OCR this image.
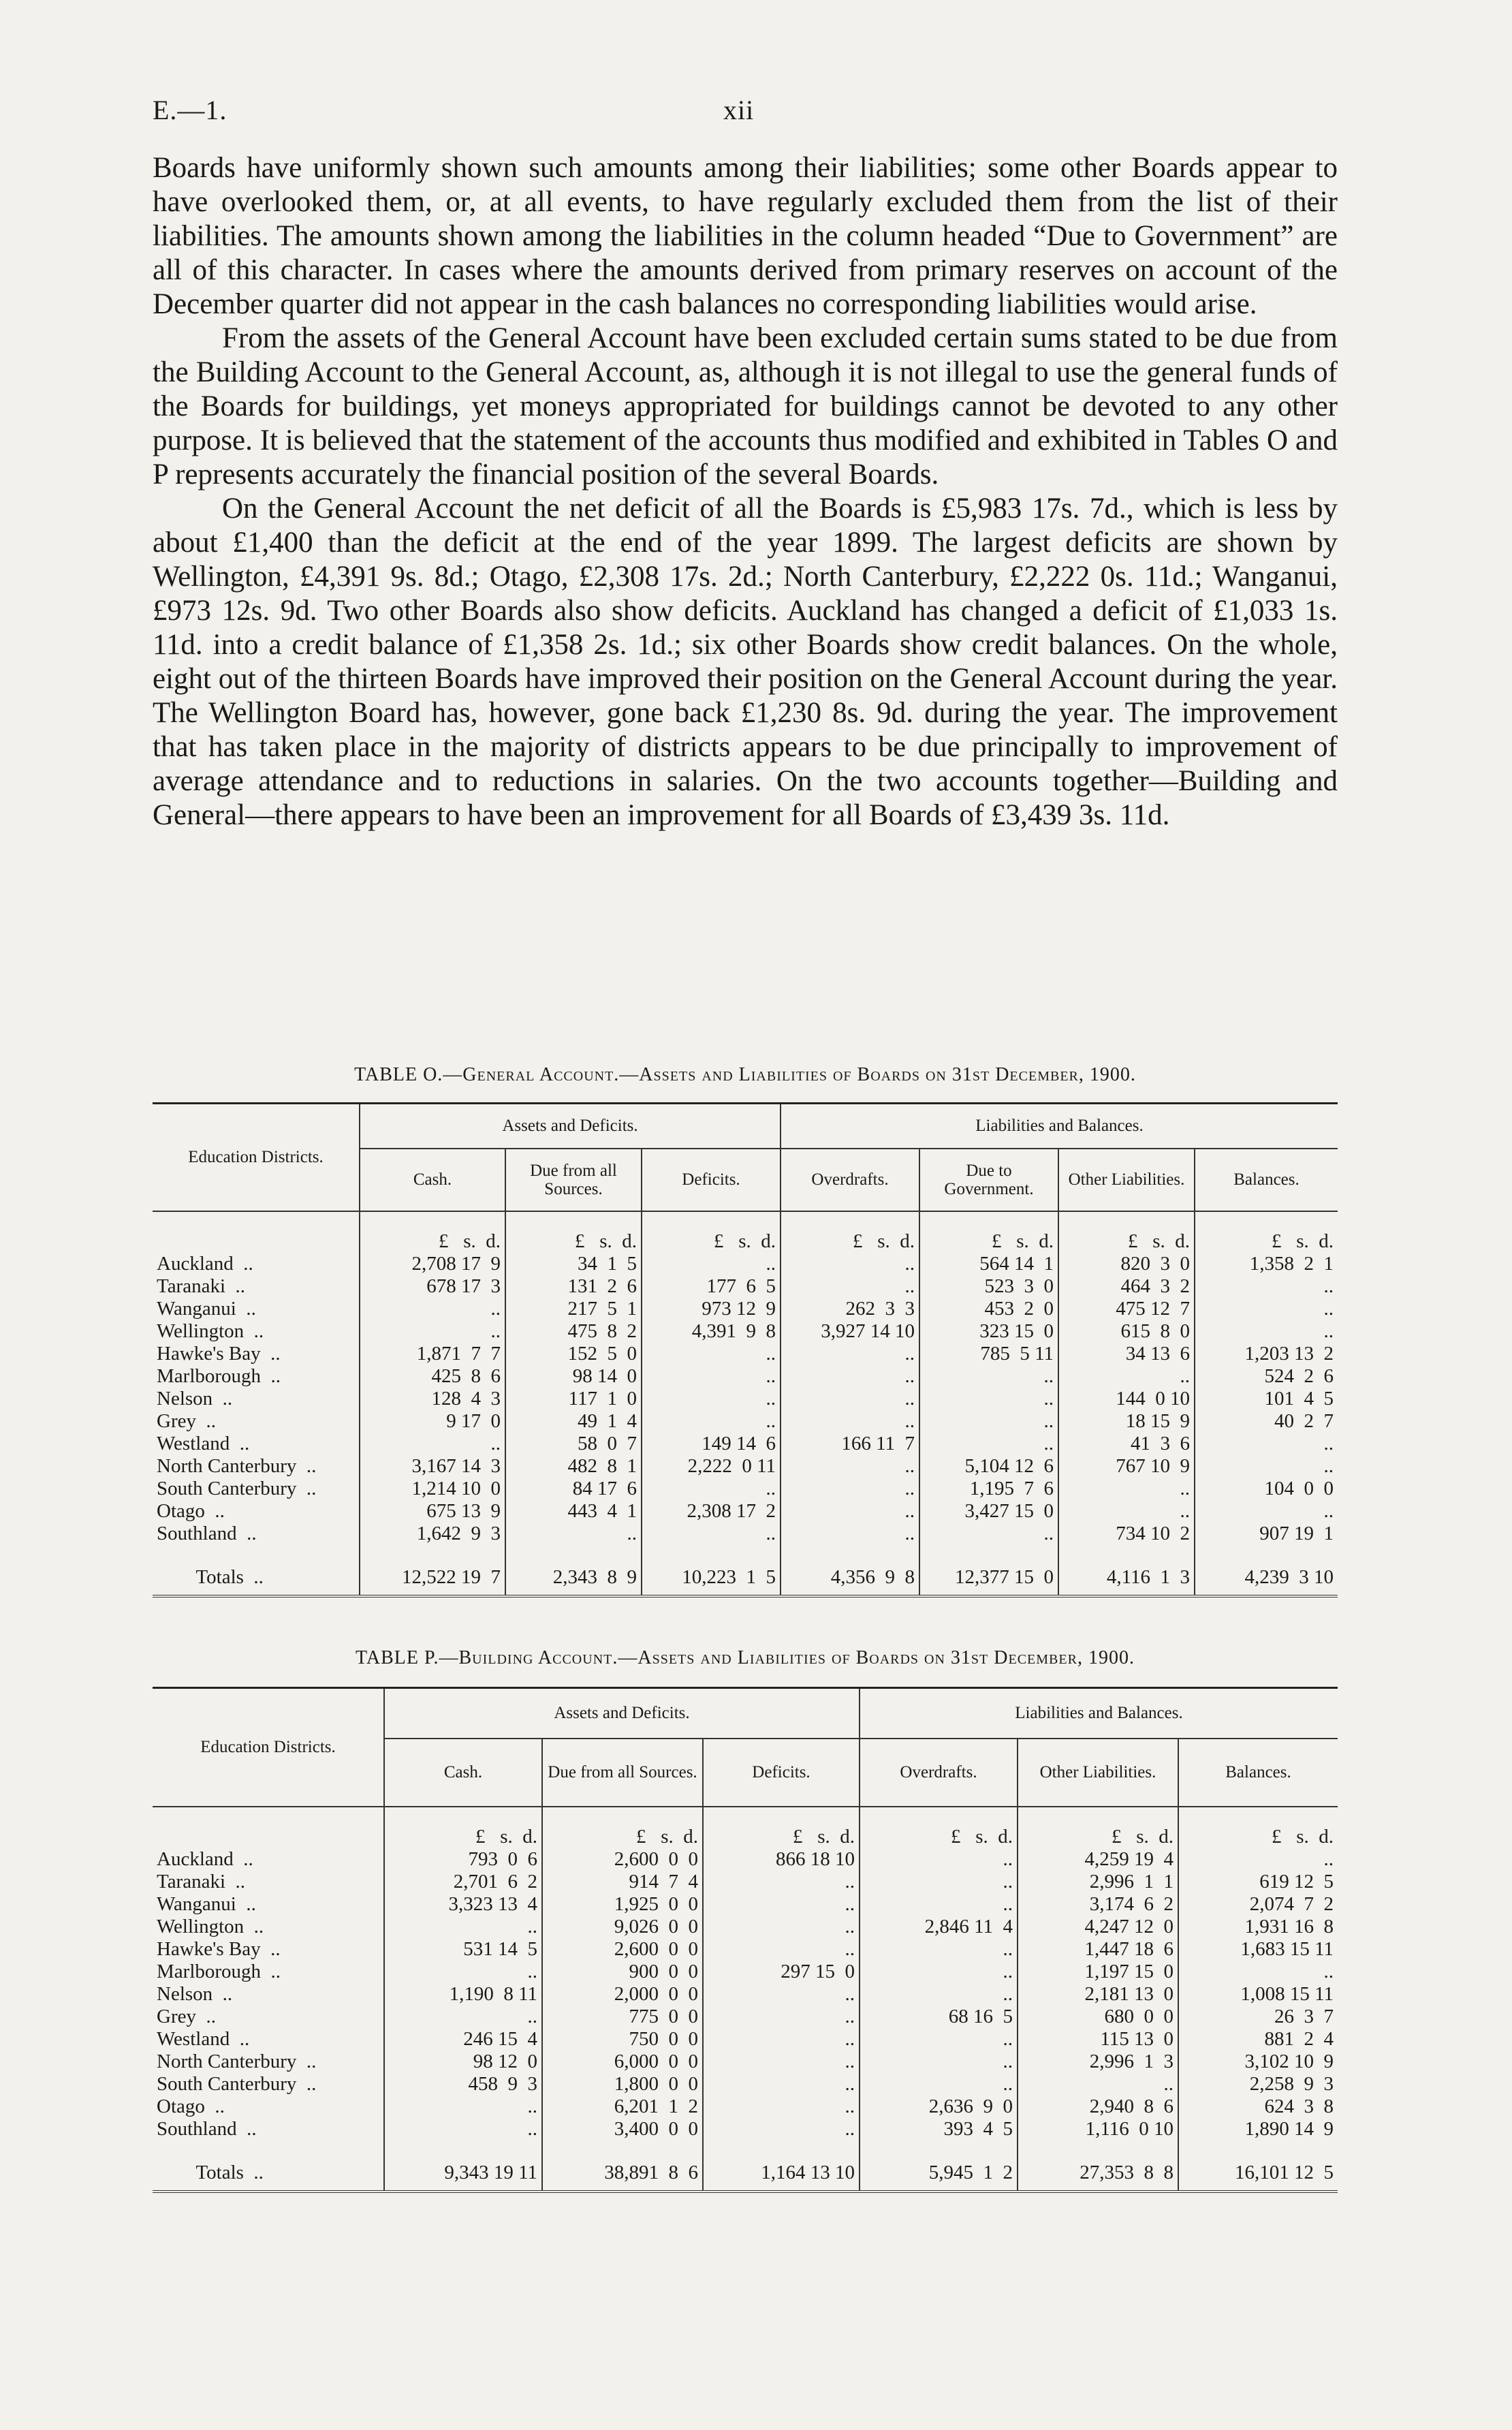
E.—1.	xii

Boards have uniformly shown such amounts among their liabilities; some other Boards appear to have overlooked them, or, at all events, to have regularly excluded them from the list of their liabilities. The amounts shown among the liabilities in the column headed “Due to Government” are all of this character. In cases where the amounts derived from primary reserves on account of the December quarter did not appear in the cash balances no corresponding liabilities would arise.

From the assets of the General Account have been excluded certain sums stated to be due from the Building Account to the General Account, as, although it is not illegal to use the general funds of the Boards for buildings, yet moneys appropriated for buildings cannot be devoted to any other purpose. It is believed that the statement of the accounts thus modified and exhibited in Tables O and P represents accurately the financial position of the several Boards.

On the General Account the net deficit of all the Boards is £5,983 17s. 7d., which is less by about £1,400 than the deficit at the end of the year 1899. The largest deficits are shown by Wellington, £4,391 9s. 8d.; Otago, £2,308 17s. 2d.; North Canterbury, £2,222 0s. 11d.; Wanganui, £973 12s. 9d. Two other Boards also show deficits. Auckland has changed a deficit of £1,033 1s. 11d. into a credit balance of £1,358 2s. 1d.; six other Boards show credit balances. On the whole, eight out of the thirteen Boards have improved their position on the General Account during the year. The Wellington Board has, however, gone back £1,230 8s. 9d. during the year. The improvement that has taken place in the majority of districts appears to be due principally to improvement of average attendance and to reductions in salaries. On the two accounts together—Building and General—there appears to have been an improvement for all Boards of £3,439 3s. 11d.

TABLE O.—General Account.—Assets and Liabilities of Boards on 31st December, 1900.
Education Districts.	Assets and Deficits.			Liabilities and Balances.			
	Cash.	Due from all Sources.	Deficits.	Overdrafts.	Due to Government.	Other Liabilities.	Balances.
	£   s.  d.	£   s.  d.	£   s.  d.	£   s.  d.	£   s.  d.	£   s.  d.	£   s.  d.
Auckland  ..	2,708 17  9	34  1  5	..	..	564 14  1	820  3  0	1,358  2  1
Taranaki  ..	678 17  3	131  2  6	177  6  5	..	523  3  0	464  3  2	..
Wanganui  ..	..	217  5  1	973 12  9	262  3  3	453  2  0	475 12  7	..
Wellington  ..	..	475  8  2	4,391  9  8	3,927 14 10	323 15  0	615  8  0	..
Hawke's Bay  ..	1,871  7  7	152  5  0	..	..	785  5 11	34 13  6	1,203 13  2
Marlborough  ..	425  8  6	98 14  0	..	..	..	..	524  2  6
Nelson  ..	128  4  3	117  1  0	..	..	..	144  0 10	101  4  5
Grey  ..	9 17  0	49  1  4	..	..	..	18 15  9	40  2  7
Westland  ..	..	58  0  7	149 14  6	166 11  7	..	41  3  6	..
North Canterbury  ..	3,167 14  3	482  8  1	2,222  0 11	..	5,104 12  6	767 10  9	..
South Canterbury  ..	1,214 10  0	84 17  6	..	..	1,195  7  6	..	104  0  0
Otago  ..	675 13  9	443  4  1	2,308 17  2	..	3,427 15  0	..	..
Southland  ..	1,642  9  3	..	..	..	..	734 10  2	907 19  1

Totals  ..	12,522 19  7	2,343  8  9	10,223  1  5	4,356  9  8	12,377 15  0	4,116  1  3	4,239  3 10
TABLE P.—Building Account.—Assets and Liabilities of Boards on 31st December, 1900.
Education Districts.	Assets and Deficits.			Liabilities and Balances.		
	Cash.	Due from all Sources.	Deficits.	Overdrafts.	Other Liabilities.	Balances.
	£   s.  d.	£   s.  d.	£   s.  d.	£   s.  d.	£   s.  d.	£   s.  d.
Auckland  ..	793  0  6	2,600  0  0	866 18 10	..	4,259 19  4	..
Taranaki  ..	2,701  6  2	914  7  4	..	..	2,996  1  1	619 12  5
Wanganui  ..	3,323 13  4	1,925  0  0	..	..	3,174  6  2	2,074  7  2
Wellington  ..	..	9,026  0  0	..	2,846 11  4	4,247 12  0	1,931 16  8
Hawke's Bay  ..	531 14  5	2,600  0  0	..	..	1,447 18  6	1,683 15 11
Marlborough  ..	..	900  0  0	297 15  0	..	1,197 15  0	..
Nelson  ..	1,190  8 11	2,000  0  0	..	..	2,181 13  0	1,008 15 11
Grey  ..	..	775  0  0	..	68 16  5	680  0  0	26  3  7
Westland  ..	246 15  4	750  0  0	..	..	115 13  0	881  2  4
North Canterbury  ..	98 12  0	6,000  0  0	..	..	2,996  1  3	3,102 10  9
South Canterbury  ..	458  9  3	1,800  0  0	..	..	..	2,258  9  3
Otago  ..	..	6,201  1  2	..	2,636  9  0	2,940  8  6	624  3  8
Southland  ..	..	3,400  0  0	..	393  4  5	1,116  0 10	1,890 14  9

Totals  ..	9,343 19 11	38,891  8  6	1,164 13 10	5,945  1  2	27,353  8  8	16,101 12  5
